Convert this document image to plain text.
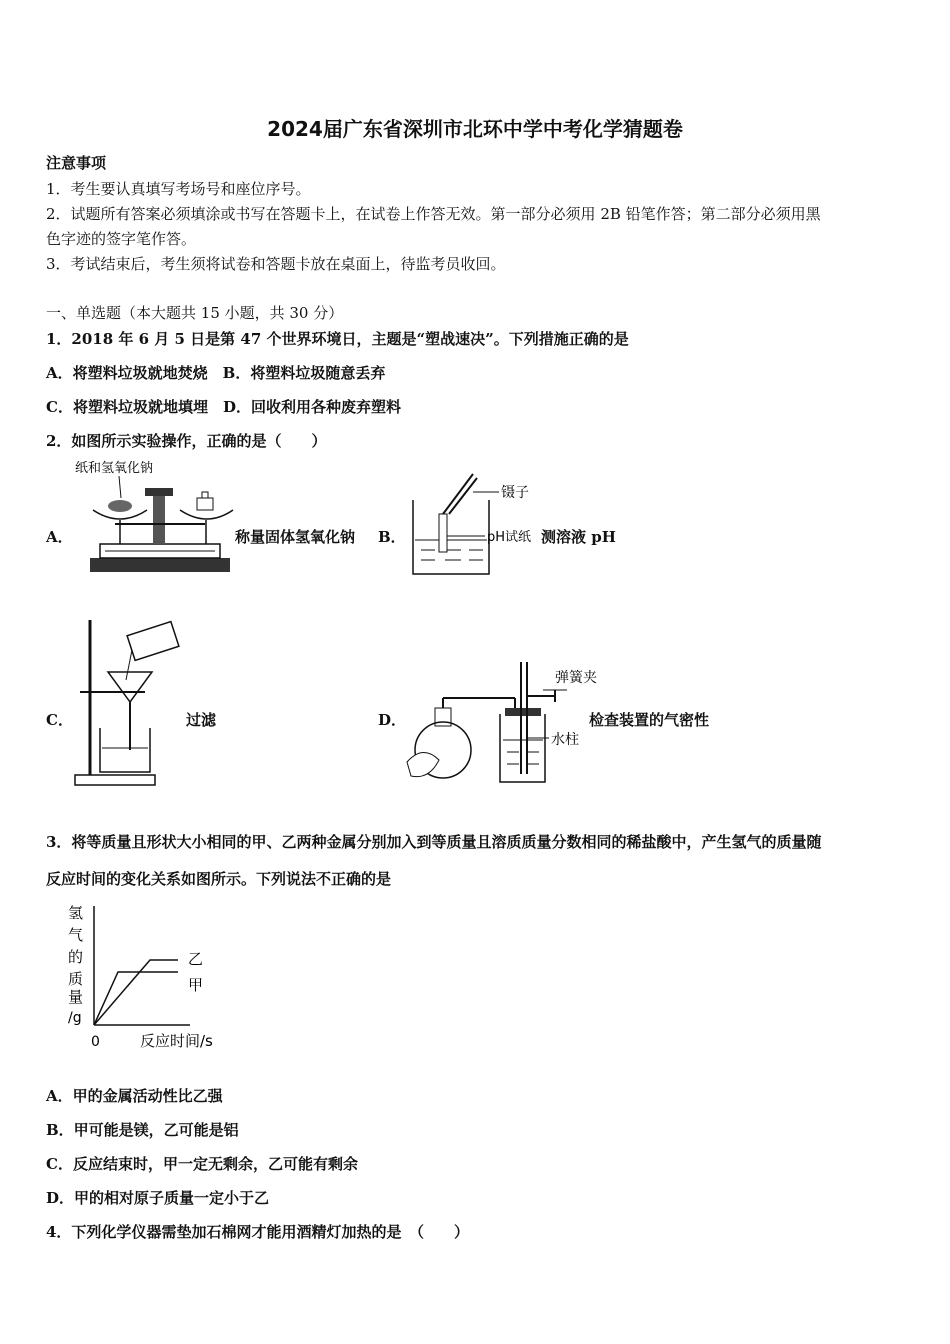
2024届广东省深圳市北环中学中考化学猜题卷
注意事项
1．考生要认真填写考场号和座位序号。
2．试题所有答案必须填涂或书写在答题卡上，在试卷上作答无效。第一部分必须用 2B 铅笔作答；第二部分必须用黑
色字迹的签字笔作答。
3．考试结束后，考生须将试卷和答题卡放在桌面上，待监考员收回。
一、单选题（本大题共 15 小题，共 30 分）
1．2018 年 6 月 5 日是第 47 个世界环境日，主题是“塑战速决”。下列措施正确的是
A．将塑料垃圾就地焚烧　B．将塑料垃圾随意丢弃
C．将塑料垃圾就地填埋　D．回收利用各种废弃塑料
2．如图所示实验操作，正确的是（　　）
A．
纸和氢氧化钠
称量固体氢氧化钠 B．
镊子
pH试纸 测溶液 pH
C．	过滤	D．
弹簧夹
水柱
检查装置的气密性
3．将等质量且形状大小相同的甲、乙两种金属分别加入到等质量且溶质质量分数相同的稀盐酸中，产生氢气的质量随
反应时间的变化关系如图所示。下列说法不正确的是
氢
气
的
质
量
/g
0	反应时间/s
乙
甲
A．甲的金属活动性比乙强
B．甲可能是镁，乙可能是铝
C．反应结束时，甲一定无剩余，乙可能有剩余
D．甲的相对原子质量一定小于乙
4．下列化学仪器需垫加石棉网才能用酒精灯加热的是　（　　）
